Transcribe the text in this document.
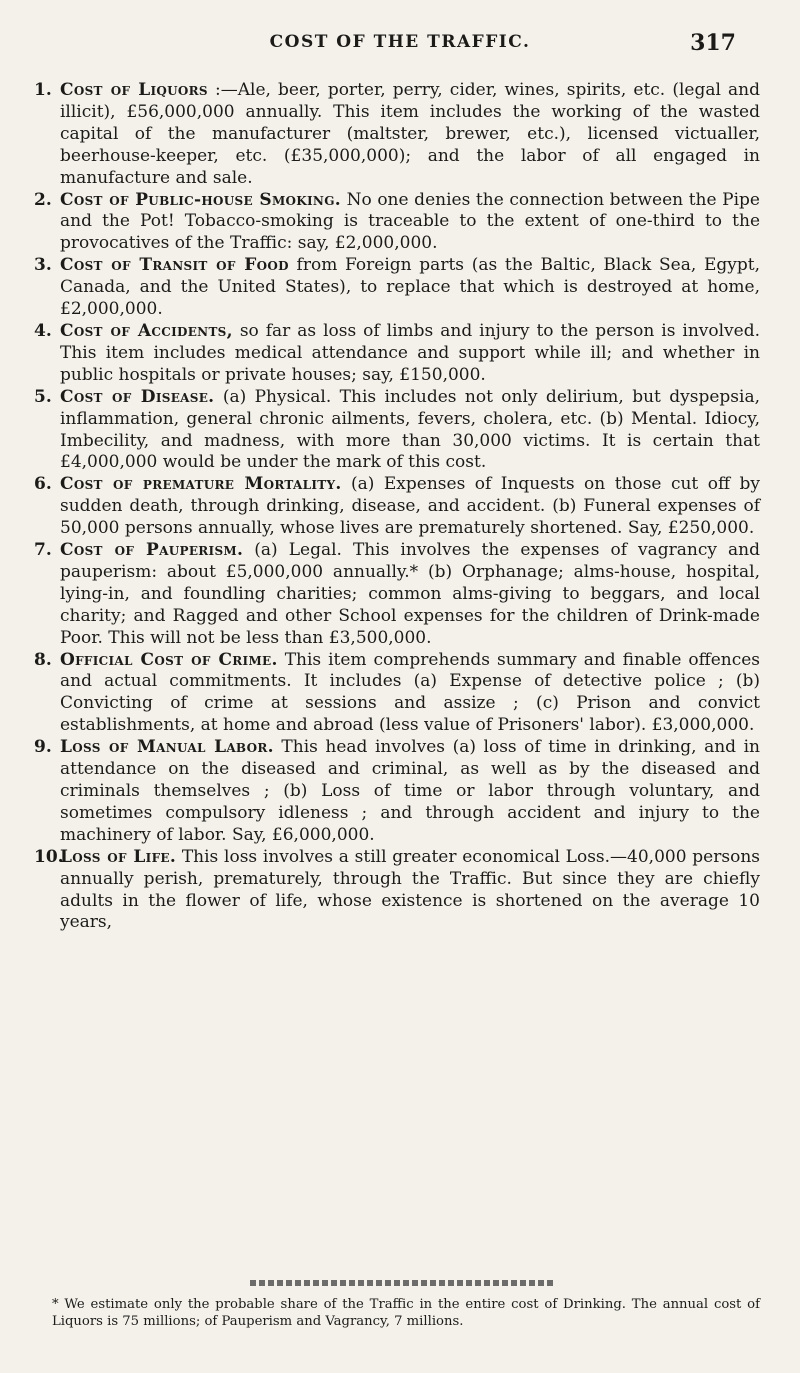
COST OF THE TRAFFIC.	317

1. Cost of Liquors :—Ale, beer, porter, perry, cider, wines, spirits, etc. (legal and illicit), £56,000,000 annually. This item includes the working of the wasted capital of the manufacturer (maltster, brewer, etc.), licensed victualler, beerhouse-keeper, etc. (£35,000,000); and the labor of all engaged in manufacture and sale.

2. Cost of Public-house Smoking. No one denies the connection between the Pipe and the Pot! Tobacco-smoking is traceable to the extent of one-third to the provocatives of the Traffic: say, £2,000,000.

3. Cost of Transit of Food from Foreign parts (as the Baltic, Black Sea, Egypt, Canada, and the United States), to replace that which is destroyed at home, £2,000,000.

4. Cost of Accidents, so far as loss of limbs and injury to the person is involved. This item includes medical attendance and support while ill; and whether in public hospitals or private houses; say, £150,000.

5. Cost of Disease. (a) Physical. This includes not only delirium, but dyspepsia, inflammation, general chronic ailments, fevers, cholera, etc. (b) Mental. Idiocy, Imbecility, and madness, with more than 30,000 victims. It is certain that £4,000,000 would be under the mark of this cost.

6. Cost of premature Mortality. (a) Expenses of Inquests on those cut off by sudden death, through drinking, disease, and accident. (b) Funeral expenses of 50,000 persons annually, whose lives are prematurely shortened. Say, £250,000.

7. Cost of Pauperism. (a) Legal. This involves the expenses of vagrancy and pauperism: about £5,000,000 annually.* (b) Orphanage; alms-house, hospital, lying-in, and foundling charities; common alms-giving to beggars, and local charity; and Ragged and other School expenses for the children of Drink-made Poor. This will not be less than £3,500,000.

8. Official Cost of Crime. This item comprehends summary and finable offences and actual commitments. It includes (a) Expense of detective police ; (b) Convicting of crime at sessions and assize ; (c) Prison and convict establishments, at home and abroad (less value of Prisoners' labor). £3,000,000.

9. Loss of Manual Labor. This head involves (a) loss of time in drinking, and in attendance on the diseased and criminal, as well as by the diseased and criminals themselves ; (b) Loss of time or labor through voluntary, and sometimes compulsory idleness ; and through accident and injury to the machinery of labor. Say, £6,000,000.

10.
Loss of Life. This loss involves a still greater economical Loss.—40,000 persons annually perish, prematurely, through the Traffic. But since they are chiefly adults in the flower of life, whose existence is shortened on the average 10 years,

* We estimate only the probable share of the Traffic in the entire cost of Drinking. The annual cost of Liquors is 75 millions; of Pauperism and Vagrancy, 7 millions.
